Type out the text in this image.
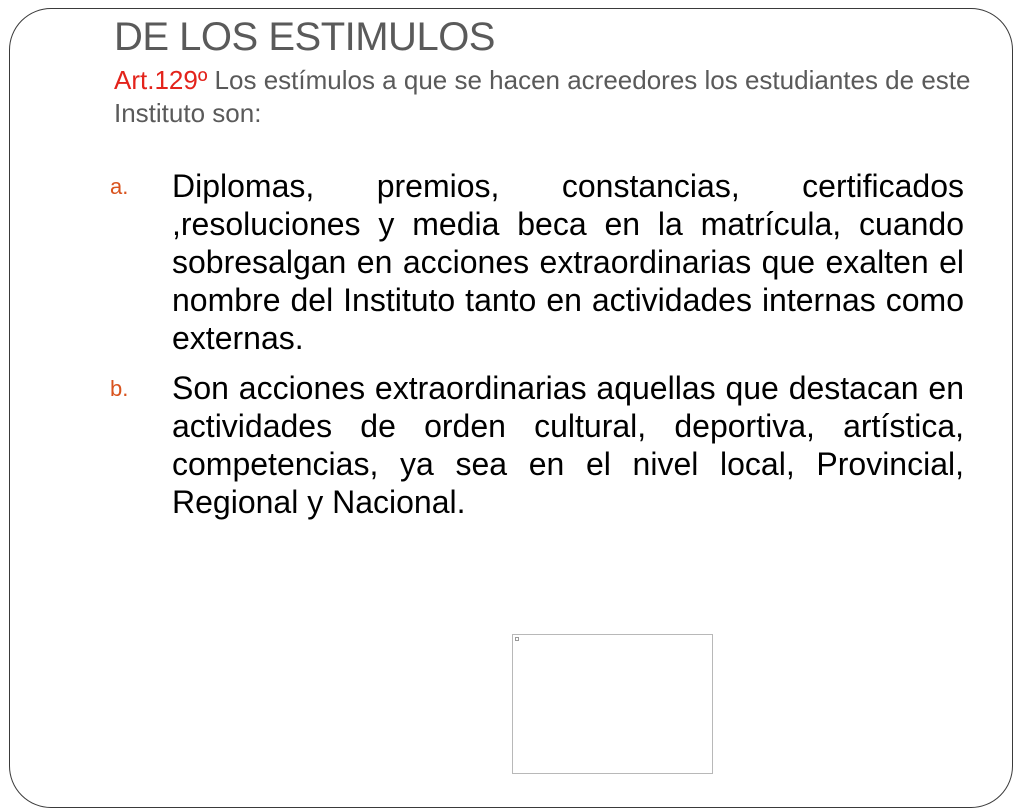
DE LOS ESTIMULOS
Art.129º Los estímulos a que se hacen acreedores los estudiantes de este Instituto son:
a. Diplomas, premios, constancias, certificados ,resoluciones y media beca en la matrícula, cuando sobresalgan en acciones extraordinarias que exalten el nombre del Instituto tanto en actividades internas como externas.
b. Son acciones extraordinarias aquellas que destacan en actividades de orden cultural, deportiva, artística, competencias, ya sea en el nivel local, Provincial, Regional y Nacional.
